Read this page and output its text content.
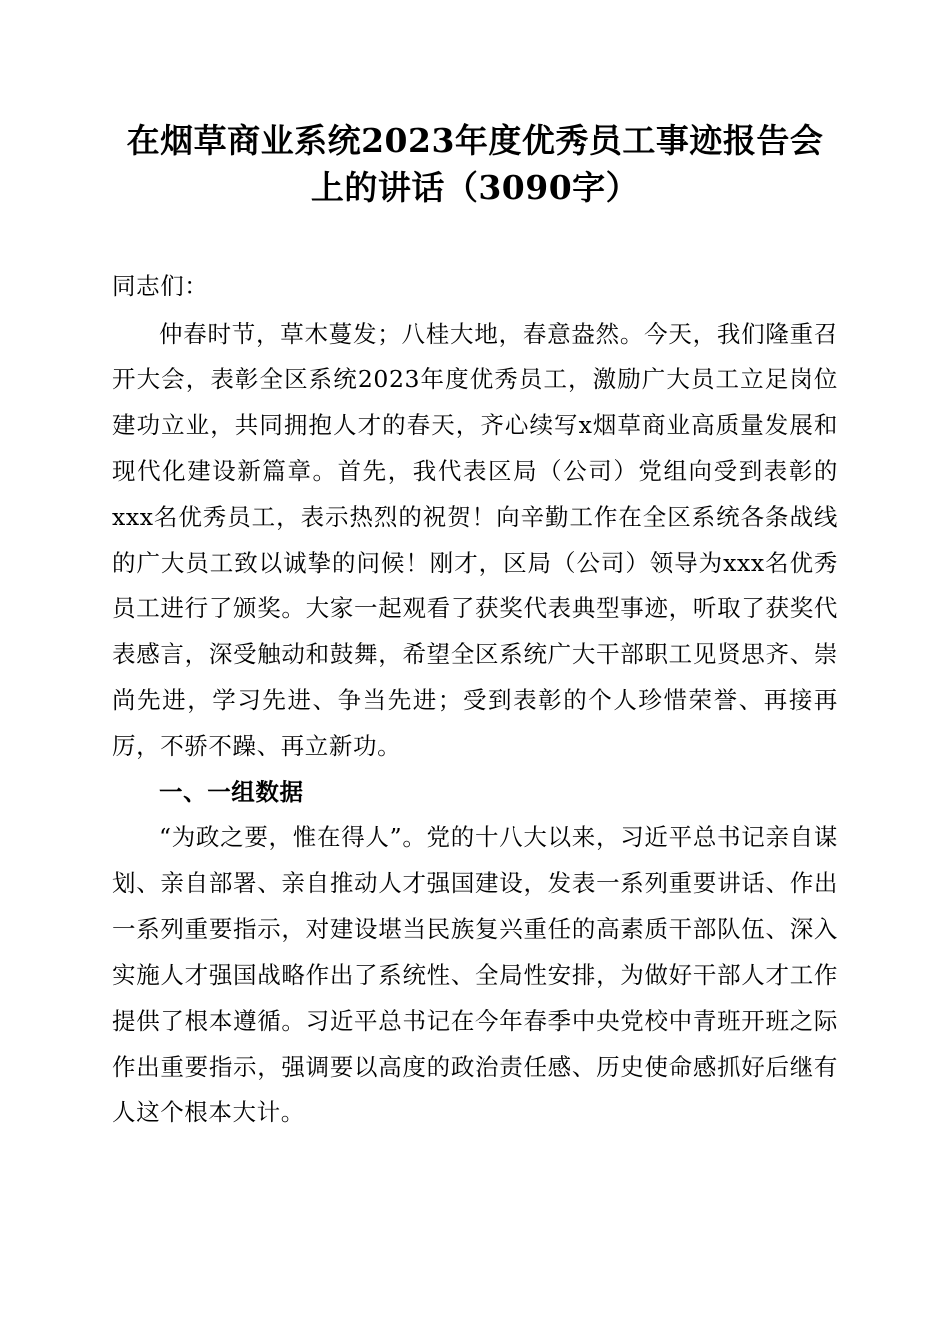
在烟草商业系统2023年度优秀员工事迹报告会上的讲话（3090字）

同志们：

仲春时节，草木蔓发；八桂大地，春意盎然。今天，我们隆重召开大会，表彰全区系统2023年度优秀员工，激励广大员工立足岗位建功立业，共同拥抱人才的春天，齐心续写x烟草商业高质量发展和现代化建设新篇章。首先，我代表区局（公司）党组向受到表彰的xxx名优秀员工，表示热烈的祝贺！向辛勤工作在全区系统各条战线的广大员工致以诚挚的问候！刚才，区局（公司）领导为xxx名优秀员工进行了颁奖。大家一起观看了获奖代表典型事迹，听取了获奖代表感言，深受触动和鼓舞，希望全区系统广大干部职工见贤思齐、崇尚先进，学习先进、争当先进；受到表彰的个人珍惜荣誉、再接再厉，不骄不躁、再立新功。

一、一组数据

“为政之要，惟在得人”。党的十八大以来，习近平总书记亲自谋划、亲自部署、亲自推动人才强国建设，发表一系列重要讲话、作出一系列重要指示，对建设堪当民族复兴重任的高素质干部队伍、深入实施人才强国战略作出了系统性、全局性安排，为做好干部人才工作提供了根本遵循。习近平总书记在今年春季中央党校中青班开班之际作出重要指示，强调要以高度的政治责任感、历史使命感抓好后继有人这个根本大计。
